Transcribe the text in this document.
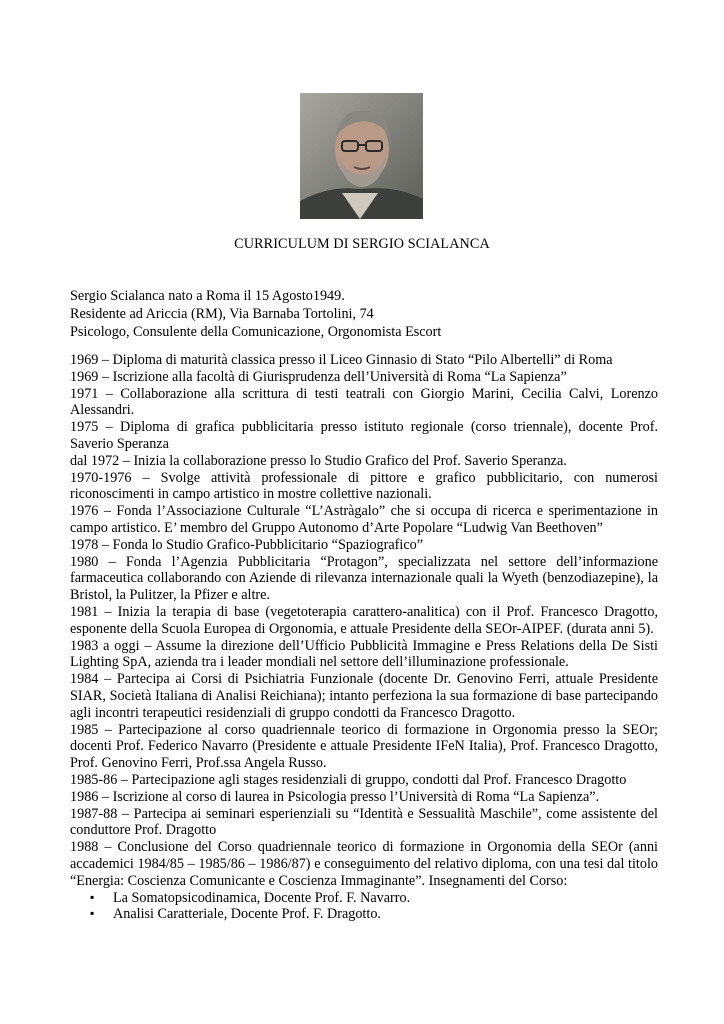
CURRICULUM DI SERGIO SCIALANCA
Sergio Scialanca nato a Roma il 15 Agosto1949.
Residente ad Ariccia (RM), Via Barnaba Tortolini, 74
Psicologo, Consulente della Comunicazione, Orgonomista Escort
1969 – Diploma di maturità classica presso il Liceo Ginnasio di Stato “Pilo Albertelli” di Roma
1969 – Iscrizione alla facoltà di Giurisprudenza dell’Università di Roma “La Sapienza”
1971 – Collaborazione alla scrittura di testi teatrali con Giorgio Marini, Cecilia Calvi, Lorenzo Alessandri.
1975 – Diploma di grafica pubblicitaria presso istituto regionale (corso triennale), docente Prof. Saverio Speranza
dal 1972 – Inizia la collaborazione presso lo Studio Grafico del Prof. Saverio Speranza.
1970-1976 – Svolge attività professionale di pittore e grafico pubblicitario, con numerosi riconoscimenti in campo artistico in mostre collettive nazionali.
1976 – Fonda l’Associazione Culturale “L’Astràgalo” che si occupa di ricerca e sperimentazione in campo artistico. E’ membro del Gruppo Autonomo d’Arte Popolare “Ludwig Van Beethoven”
1978 – Fonda lo Studio Grafico-Pubblicitario “Spaziografico”
1980 – Fonda l’Agenzia Pubblicitaria “Protagon”, specializzata nel settore dell’informazione farmaceutica collaborando con Aziende di rilevanza internazionale quali la Wyeth (benzodiazepine), la Bristol, la Pulitzer, la Pfizer e altre.
1981 – Inizia la terapia di base (vegetoterapia carattero-analitica) con il Prof. Francesco Dragotto, esponente della Scuola Europea di Orgonomia, e attuale Presidente della SEOr-AIPEF. (durata anni 5).
1983 a oggi – Assume la direzione dell’Ufficio Pubblicità Immagine e Press Relations della De Sisti Lighting SpA, azienda tra i leader mondiali nel settore dell’illuminazione professionale.
1984 – Partecipa ai Corsi di Psichiatria Funzionale (docente Dr. Genovino Ferri, attuale Presidente SIAR, Società Italiana di Analisi Reichiana); intanto perfeziona la sua formazione di base partecipando agli incontri terapeutici residenziali di gruppo condotti da Francesco Dragotto.
1985 – Partecipazione al corso quadriennale teorico di formazione in Orgonomia presso la SEOr; docenti Prof. Federico Navarro (Presidente e attuale Presidente IFeN Italia), Prof. Francesco Dragotto, Prof. Genovino Ferri, Prof.ssa Angela Russo.
1985-86 – Partecipazione agli stages residenziali di gruppo, condotti dal Prof. Francesco Dragotto
1986 – Iscrizione al corso di laurea in Psicologia presso l’Università di Roma “La Sapienza”.
1987-88 – Partecipa ai seminari esperienziali su “Identità e Sessualità Maschile”, come assistente del conduttore Prof. Dragotto
1988 – Conclusione del Corso quadriennale teorico di formazione in Orgonomia della SEOr (anni accademici 1984/85 – 1985/86 – 1986/87) e conseguimento del relativo diploma, con una tesi dal titolo “Energia: Coscienza Comunicante e Coscienza Immaginante”. Insegnamenti del Corso:
▪ La Somatopsicodinamica, Docente Prof. F. Navarro.
▪ Analisi Caratteriale, Docente Prof. F. Dragotto.
